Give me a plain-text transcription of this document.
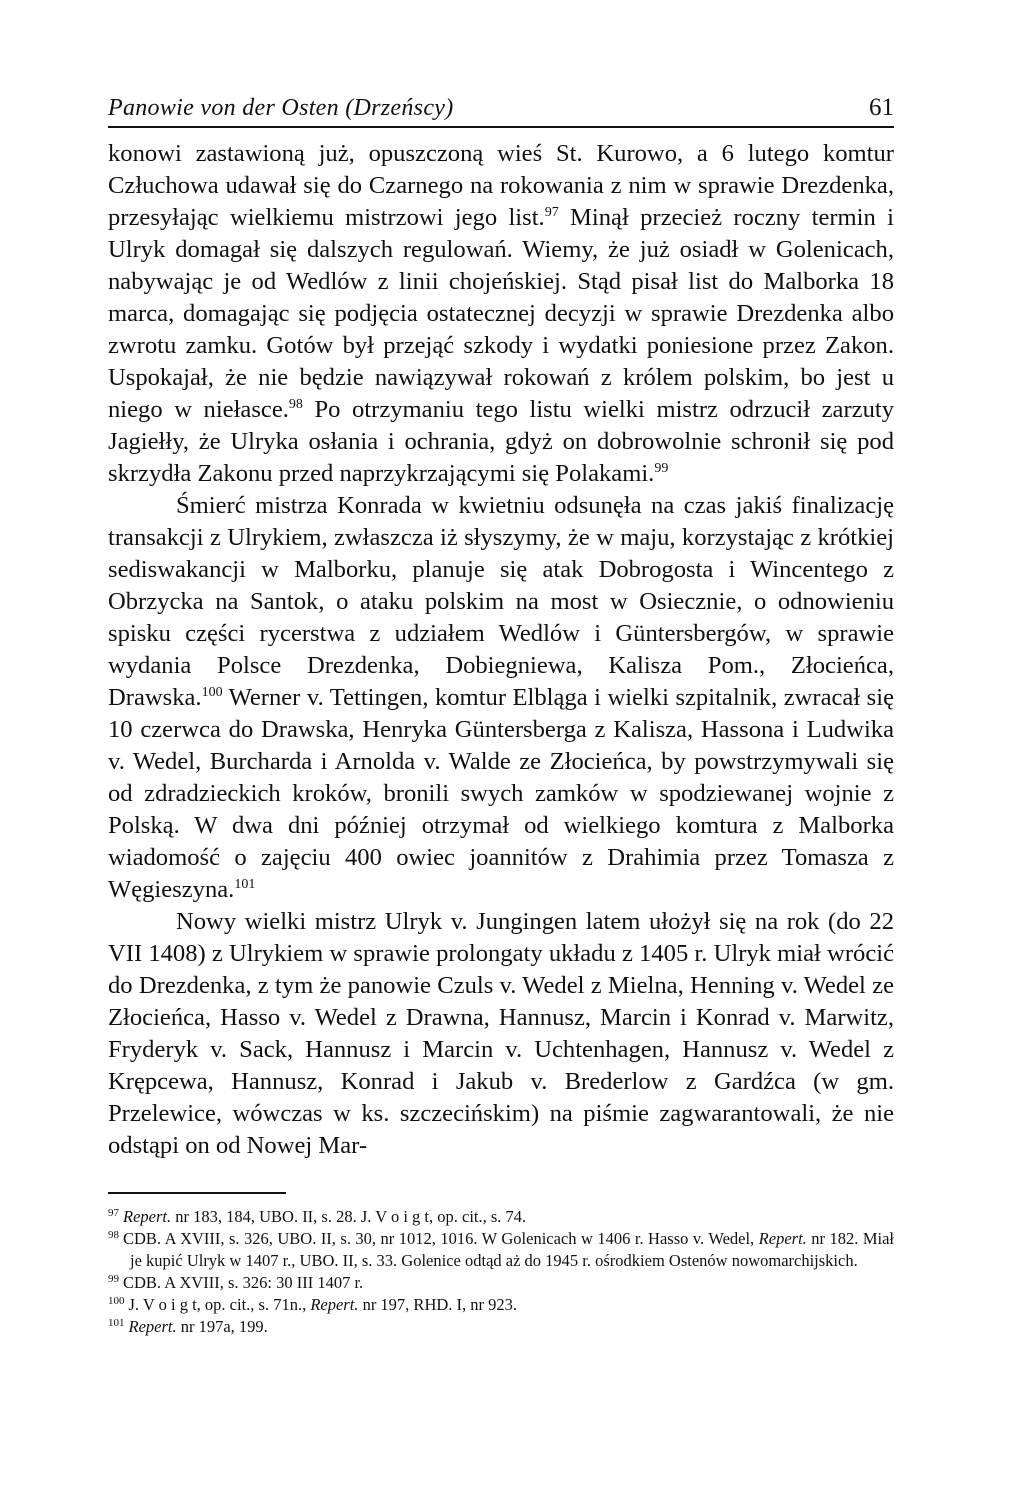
Panowie von der Osten (Drzeńscy)	61

konowi zastawioną już, opuszczoną wieś St. Kurowo, a 6 lutego komtur Człuchowa udawał się do Czarnego na rokowania z nim w sprawie Drezdenka, przesyłając wielkiemu mistrzowi jego list.$^{97}$ Minął przecież roczny termin i Ulryk domagał się dalszych regulowań. Wiemy, że już osiadł w Golenicach, nabywając je od Wedlów z linii chojeńskiej. Stąd pisał list do Malborka 18 marca, domagając się podjęcia ostatecznej decyzji w sprawie Drezdenka albo zwrotu zamku. Gotów był przejąć szkody i wydatki poniesione przez Zakon. Uspokajał, że nie będzie nawiązywał rokowań z królem polskim, bo jest u niego w niełasce.$^{98}$ Po otrzymaniu tego listu wielki mistrz odrzucił zarzuty Jagiełły, że Ulryka osłania i ochrania, gdyż on dobrowolnie schronił się pod skrzydła Zakonu przed naprzykrzającymi się Polakami.$^{99}$

Śmierć mistrza Konrada w kwietniu odsunęła na czas jakiś finalizację transakcji z Ulrykiem, zwłaszcza iż słyszymy, że w maju, korzystając z krótkiej sediswakancji w Malborku, planuje się atak Dobrogosta i Wincentego z Obrzycka na Santok, o ataku polskim na most w Osiecznie, o odnowieniu spisku części rycerstwa z udziałem Wedlów i Güntersbergów, w sprawie wydania Polsce Drezdenka, Dobiegniewa, Kalisza Pom., Złocieńca, Drawska.$^{100}$ Werner v. Tettingen, komtur Elbląga i wielki szpitalnik, zwracał się 10 czerwca do Drawska, Henryka Güntersberga z Kalisza, Hassona i Ludwika v. Wedel, Burcharda i Arnolda v. Walde ze Złocieńca, by powstrzymywali się od zdradzieckich kroków, bronili swych zamków w spodziewanej wojnie z Polską. W dwa dni później otrzymał od wielkiego komtura z Malborka wiadomość o zajęciu 400 owiec joannitów z Drahimia przez Tomasza z Węgieszyna.$^{101}$

Nowy wielki mistrz Ulryk v. Jungingen latem ułożył się na rok (do 22 VII 1408) z Ulrykiem w sprawie prolongaty układu z 1405 r. Ulryk miał wrócić do Drezdenka, z tym że panowie Czuls v. Wedel z Mielna, Henning v. Wedel ze Złocieńca, Hasso v. Wedel z Drawna, Hannusz, Marcin i Konrad v. Marwitz, Fryderyk v. Sack, Hannusz i Marcin v. Uchtenhagen, Hannusz v. Wedel z Krępcewa, Hannusz, Konrad i Jakub v. Brederlow z Gardźca (w gm. Przelewice, wówczas w ks. szczecińskim) na piśmie zagwarantowali, że nie odstąpi on od Nowej Mar-

$^{97}$ Repert. nr 183, 184, UBO. II, s. 28. J. V o i g t, op. cit., s. 74.
$^{98}$ CDB. A XVIII, s. 326, UBO. II, s. 30, nr 1012, 1016. W Golenicach w 1406 r. Hasso v. Wedel, Repert. nr 182. Miał je kupić Ulryk w 1407 r., UBO. II, s. 33. Golenice odtąd aż do 1945 r. ośrodkiem Ostenów nowomarchijskich.
$^{99}$ CDB. A XVIII, s. 326: 30 III 1407 r.
$^{100}$ J. V o i g t, op. cit., s. 71n., Repert. nr 197, RHD. I, nr 923.
$^{101}$ Repert. nr 197a, 199.
